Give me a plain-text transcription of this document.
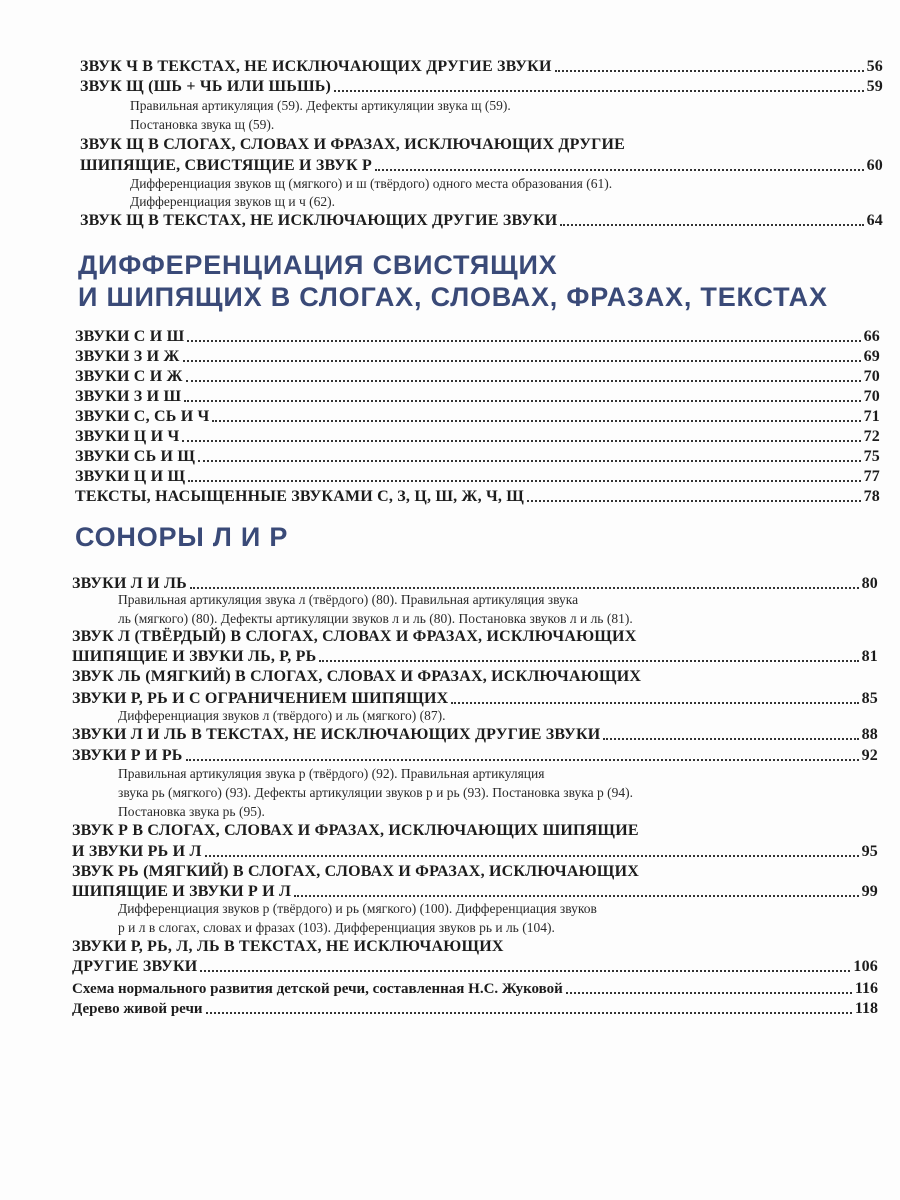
ЗВУК Ч В ТЕКСТАХ, НЕ ИСКЛЮЧАЮЩИХ ДРУГИЕ ЗВУКИ	56
ЗВУК Щ (ШЬ + ЧЬ ИЛИ ШЬШЬ)	59
Правильная артикуляция (59). Дефекты артикуляции звука щ (59).
Постановка звука щ (59).
ЗВУК Щ В СЛОГАХ, СЛОВАХ И ФРАЗАХ, ИСКЛЮЧАЮЩИХ ДРУГИЕ
ШИПЯЩИЕ, СВИСТЯЩИЕ И ЗВУК Р	60
Дифференциация звуков щ (мягкого) и ш (твёрдого) одного места образования (61).
Дифференциация звуков щ и ч (62).
ЗВУК Щ В ТЕКСТАХ, НЕ ИСКЛЮЧАЮЩИХ ДРУГИЕ ЗВУКИ	64
ДИФФЕРЕНЦИАЦИЯ СВИСТЯЩИХ
И ШИПЯЩИХ В СЛОГАХ, СЛОВАХ, ФРАЗАХ, ТЕКСТАХ
ЗВУКИ С И Ш	66
ЗВУКИ З И Ж	69
ЗВУКИ С И Ж	70
ЗВУКИ З И Ш	70
ЗВУКИ С, СЬ И Ч	71
ЗВУКИ Ц И Ч	72
ЗВУКИ СЬ И Щ	75
ЗВУКИ Ц И Щ	77
ТЕКСТЫ, НАСЫЩЕННЫЕ ЗВУКАМИ С, З, Ц, Ш, Ж, Ч, Щ	78
СОНОРЫ Л И Р
ЗВУКИ Л И ЛЬ	80
Правильная артикуляция звука л (твёрдого) (80). Правильная артикуляция звука
ль (мягкого) (80). Дефекты артикуляции звуков л и ль (80). Постановка звуков л и ль (81).
ЗВУК Л (ТВЁРДЫЙ) В СЛОГАХ, СЛОВАХ И ФРАЗАХ, ИСКЛЮЧАЮЩИХ
ШИПЯЩИЕ И ЗВУКИ ЛЬ, Р, РЬ	81
ЗВУК ЛЬ (МЯГКИЙ) В СЛОГАХ, СЛОВАХ И ФРАЗАХ, ИСКЛЮЧАЮЩИХ
ЗВУКИ Р, РЬ И С ОГРАНИЧЕНИЕМ ШИПЯЩИХ	85
Дифференциация звуков л (твёрдого) и ль (мягкого) (87).
ЗВУКИ Л И ЛЬ В ТЕКСТАХ, НЕ ИСКЛЮЧАЮЩИХ ДРУГИЕ ЗВУКИ	88
ЗВУКИ Р И РЬ	92
Правильная артикуляция звука р (твёрдого) (92). Правильная артикуляция
звука рь (мягкого) (93). Дефекты артикуляции звуков р и рь (93). Постановка звука р (94).
Постановка звука рь (95).
ЗВУК Р В СЛОГАХ, СЛОВАХ И ФРАЗАХ, ИСКЛЮЧАЮЩИХ ШИПЯЩИЕ
И ЗВУКИ РЬ И Л	95
ЗВУК РЬ (МЯГКИЙ) В СЛОГАХ, СЛОВАХ И ФРАЗАХ, ИСКЛЮЧАЮЩИХ
ШИПЯЩИЕ И ЗВУКИ Р И Л	99
Дифференциация звуков р (твёрдого) и рь (мягкого) (100). Дифференциация звуков
р и л в слогах, словах и фразах (103). Дифференциация звуков рь и ль (104).
ЗВУКИ Р, РЬ, Л, ЛЬ В ТЕКСТАХ, НЕ ИСКЛЮЧАЮЩИХ
ДРУГИЕ ЗВУКИ	106
Схема нормального развития детской речи, составленная Н.С. Жуковой	116
Дерево живой речи	118
